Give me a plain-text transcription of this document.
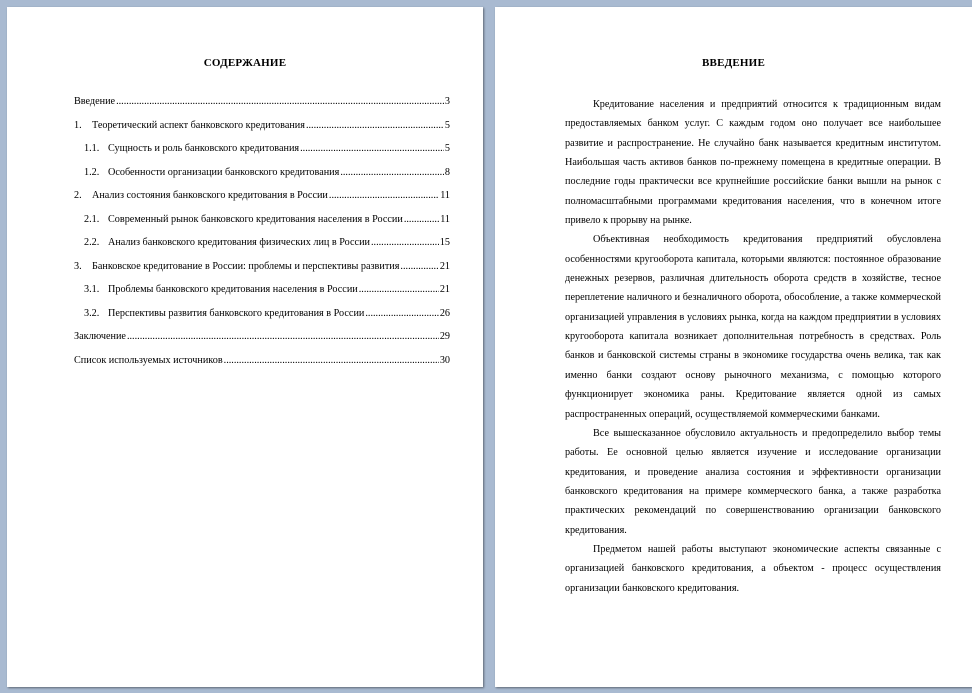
СОДЕРЖАНИЕ
Введение .....	3
1.	Теоретический аспект банковского кредитования .....	5
1.1. Сущность и роль банковского кредитования .....	5
1.2. Особенности организации банковского кредитования .....	8
2.	Анализ состояния банковского кредитования в России .....	11
2.1. Современный рынок банковского кредитования населения в России .....	11
2.2. Анализ банковского кредитования физических лиц в России .....	15
3.	Банковское кредитование в России: проблемы и перспективы развития .....	21
3.1. Проблемы банковского кредитования населения в России .....	21
3.2. Перспективы развития банковского кредитования в России .....	26
Заключение .....	29
Список используемых источников .....	30
ВВЕДЕНИЕ

Кредитование населения и предприятий относится к традиционным видам предоставляемых банком услуг. С каждым годом оно получает все наибольшее развитие и распространение. Не случайно банк называется кредитным институтом. Наибольшая часть активов банков по-прежнему помещена в кредитные операции. В последние годы практически все крупнейшие российские банки вышли на рынок с полномасштабными программами кредитования населения, что в конечном итоге привело к прорыву на рынке.

Объективная необходимость кредитования предприятий обусловлена особенностями кругооборота капитала, которыми являются: постоянное образование денежных резервов, различная длительность оборота средств в хозяйстве, тесное переплетение наличного и безналичного оборота, обособление, а также коммерческой организацией управления в условиях рынка, когда на каждом предприятии в условиях кругооборота капитала возникает дополнительная потребность в средствах. Роль банков и банковской системы страны в экономике государства очень велика, так как именно банки создают основу рыночного механизма, с помощью которого функционирует экономика раны. Кредитование является одной из самых распространенных операций, осуществляемой коммерческими банками.

Все вышесказанное обусловило актуальность и предопределило выбор темы работы. Ее основной целью является изучение и исследование организации кредитования, и проведение анализа состояния и эффективности организации банковского кредитования на примере коммерческого банка, а также разработка практических рекомендаций по совершенствованию организации банковского кредитования.

Предметом нашей работы выступают экономические аспекты связанные с организацией банковского кредитования, а объектом - процесс осуществления организации банковского кредитования.
